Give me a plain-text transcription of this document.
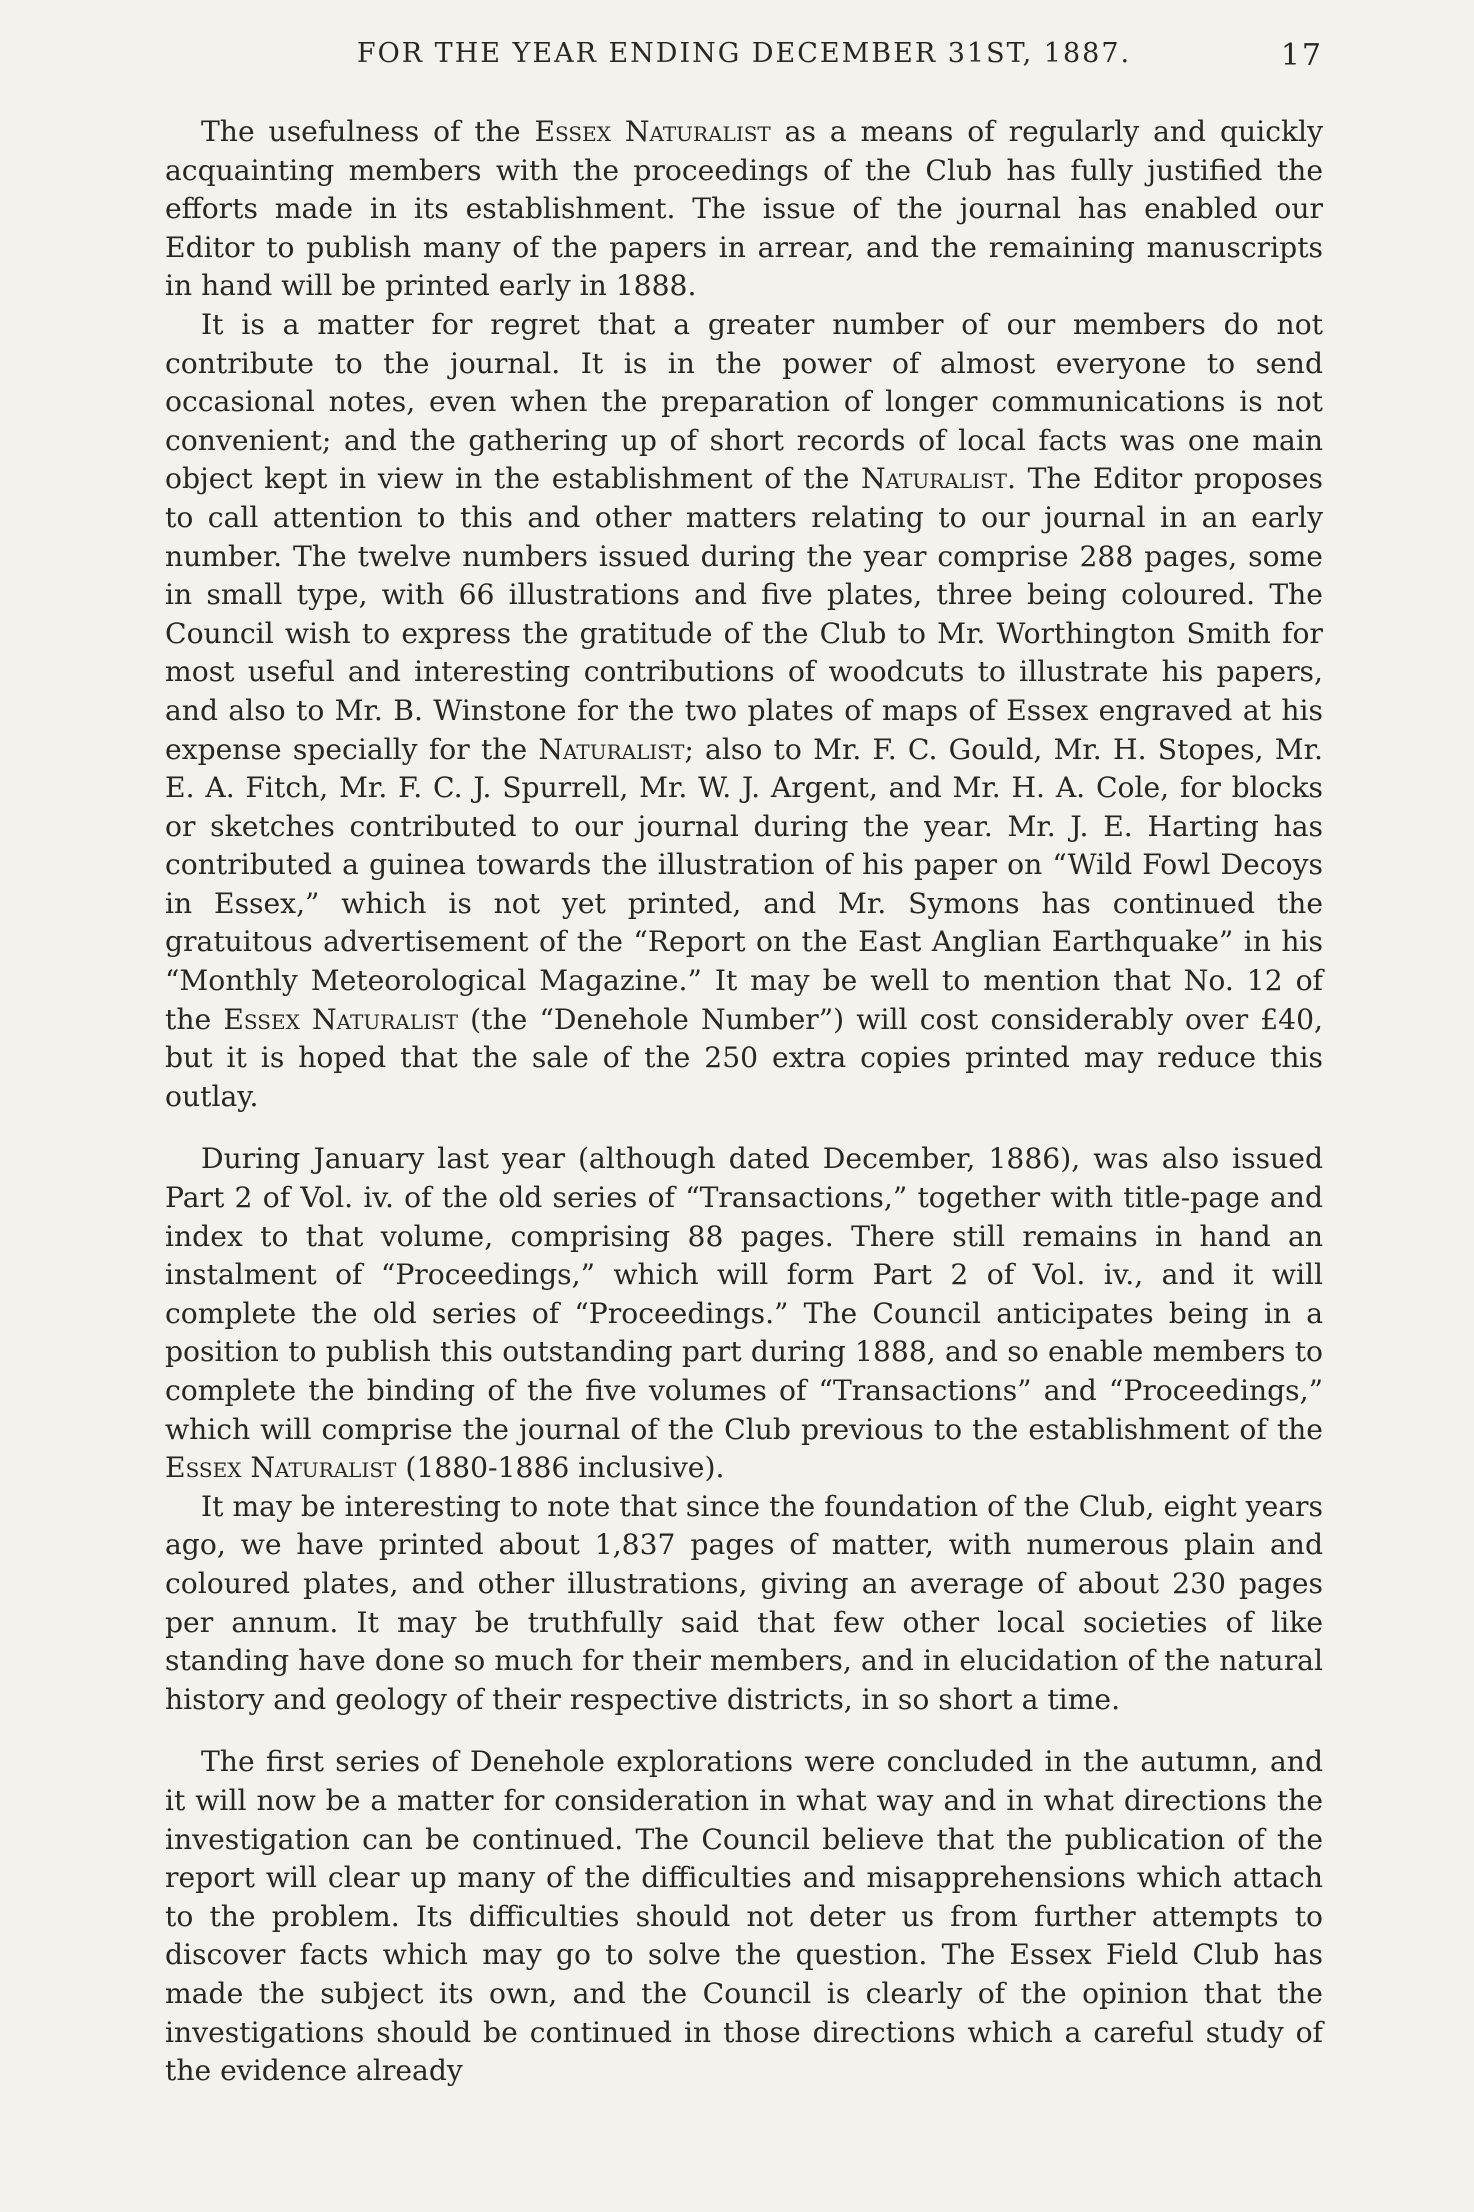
FOR THE YEAR ENDING DECEMBER 31ST, 1887.	17

The usefulness of the Essex Naturalist as a means of regularly and quickly acquainting members with the proceedings of the Club has fully justified the efforts made in its establishment. The issue of the journal has enabled our Editor to publish many of the papers in arrear, and the remaining manuscripts in hand will be printed early in 1888.

It is a matter for regret that a greater number of our members do not contribute to the journal. It is in the power of almost everyone to send occasional notes, even when the preparation of longer communications is not convenient; and the gathering up of short records of local facts was one main object kept in view in the establishment of the Naturalist. The Editor proposes to call attention to this and other matters relating to our journal in an early number. The twelve numbers issued during the year comprise 288 pages, some in small type, with 66 illustrations and five plates, three being coloured. The Council wish to express the gratitude of the Club to Mr. Worthington Smith for most useful and interesting contributions of woodcuts to illustrate his papers, and also to Mr. B. Winstone for the two plates of maps of Essex engraved at his expense specially for the Naturalist; also to Mr. F. C. Gould, Mr. H. Stopes, Mr. E. A. Fitch, Mr. F. C. J. Spurrell, Mr. W. J. Argent, and Mr. H. A. Cole, for blocks or sketches contributed to our journal during the year. Mr. J. E. Harting has contributed a guinea towards the illustration of his paper on “Wild Fowl Decoys in Essex,” which is not yet printed, and Mr. Symons has continued the gratuitous advertisement of the “Report on the East Anglian Earthquake” in his “Monthly Meteorological Magazine.” It may be well to mention that No. 12 of the Essex Naturalist (the “Denehole Number”) will cost considerably over £40, but it is hoped that the sale of the 250 extra copies printed may reduce this outlay.

During January last year (although dated December, 1886), was also issued Part 2 of Vol. iv. of the old series of “Transactions,” together with title-page and index to that volume, comprising 88 pages. There still remains in hand an instalment of “Proceedings,” which will form Part 2 of Vol. iv., and it will complete the old series of “Proceedings.” The Council anticipates being in a position to publish this outstanding part during 1888, and so enable members to complete the binding of the five volumes of “Transactions” and “Proceedings,” which will comprise the journal of the Club previous to the establishment of the Essex Naturalist (1880-1886 inclusive).

It may be interesting to note that since the foundation of the Club, eight years ago, we have printed about 1,837 pages of matter, with numerous plain and coloured plates, and other illustrations, giving an average of about 230 pages per annum. It may be truthfully said that few other local societies of like standing have done so much for their members, and in elucidation of the natural history and geology of their respective districts, in so short a time.

The first series of Denehole explorations were concluded in the autumn, and it will now be a matter for consideration in what way and in what directions the investigation can be continued. The Council believe that the publication of the report will clear up many of the difficulties and misapprehensions which attach to the problem. Its difficulties should not deter us from further attempts to discover facts which may go to solve the question. The Essex Field Club has made the subject its own, and the Council is clearly of the opinion that the investigations should be continued in those directions which a careful study of the evidence already
